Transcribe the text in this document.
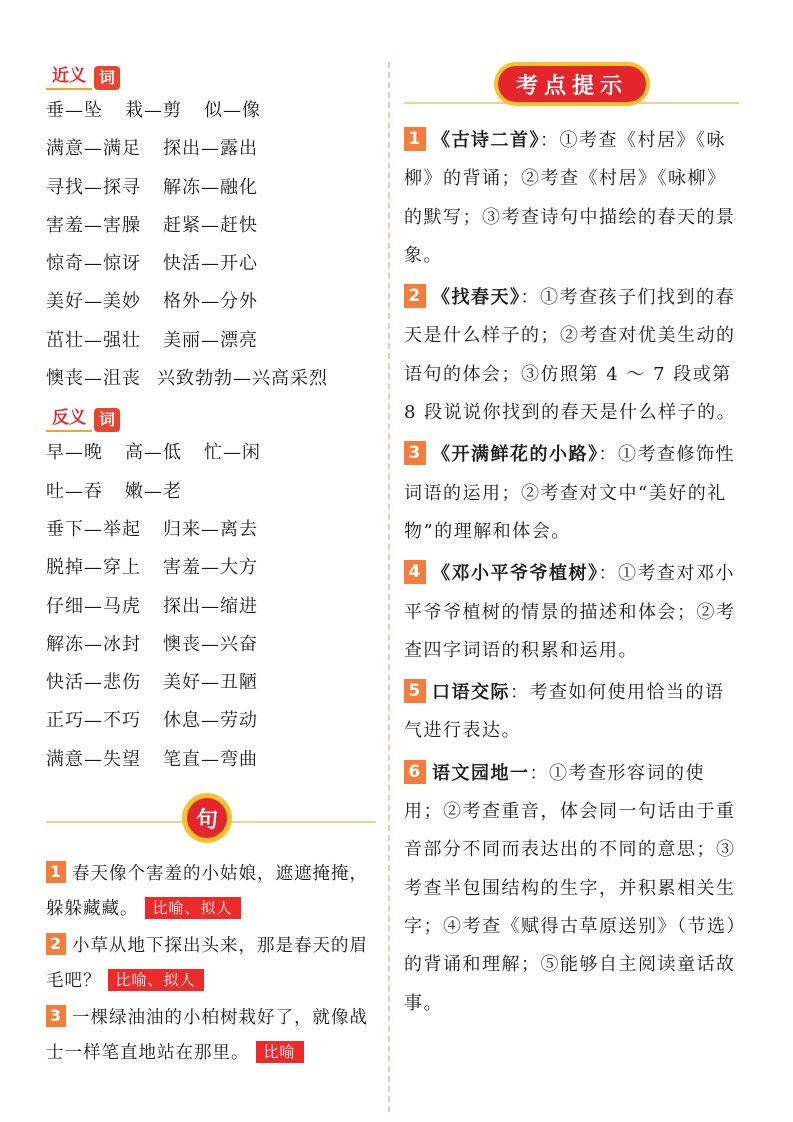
近义 词
垂—坠 栽—剪 似—像
满意—满足 探出—露出
寻找—探寻 解冻—融化
害羞—害臊 赶紧—赶快
惊奇—惊讶 快活—开心
美好—美妙 格外—分外
茁壮—强壮 美丽—漂亮
懊丧—沮丧 兴致勃勃—兴高采烈
反义 词
早—晚 高—低 忙—闲
吐—吞 嫩—老
垂下—举起 归来—离去
脱掉—穿上 害羞—大方
仔细—马虎 探出—缩进
解冻—冰封 懊丧—兴奋
快活—悲伤 美好—丑陋
正巧—不巧 休息—劳动
满意—失望 笔直—弯曲
句
1 春天像个害羞的小姑娘，遮遮掩掩，躲躲藏藏。 比喻、拟人
2 小草从地下探出头来，那是春天的眉毛吧？ 比喻、拟人
3 一棵绿油油的小柏树栽好了，就像战士一样笔直地站在那里。 比喻
考点提示
1 《古诗二首》：①考查《村居》《咏柳》的背诵；②考查《村居》《咏柳》的默写；③考查诗句中描绘的春天的景象。
2 《找春天》：①考查孩子们找到的春天是什么样子的；②考查对优美生动的语句的体会；③仿照第 4 ～ 7 段或第 8 段说说你找到的春天是什么样子的。
3 《开满鲜花的小路》：①考查修饰性词语的运用；②考查对文中“美好的礼物”的理解和体会。
4 《邓小平爷爷植树》：①考查对邓小平爷爷植树的情景的描述和体会；②考查四字词语的积累和运用。
5 口语交际：考查如何使用恰当的语气进行表达。
6 语文园地一：①考查形容词的使用；②考查重音，体会同一句话由于重音部分不同而表达出的不同的意思；③考查半包围结构的生字，并积累相关生字；④考查《赋得古草原送别》（节选）的背诵和理解；⑤能够自主阅读童话故事。
